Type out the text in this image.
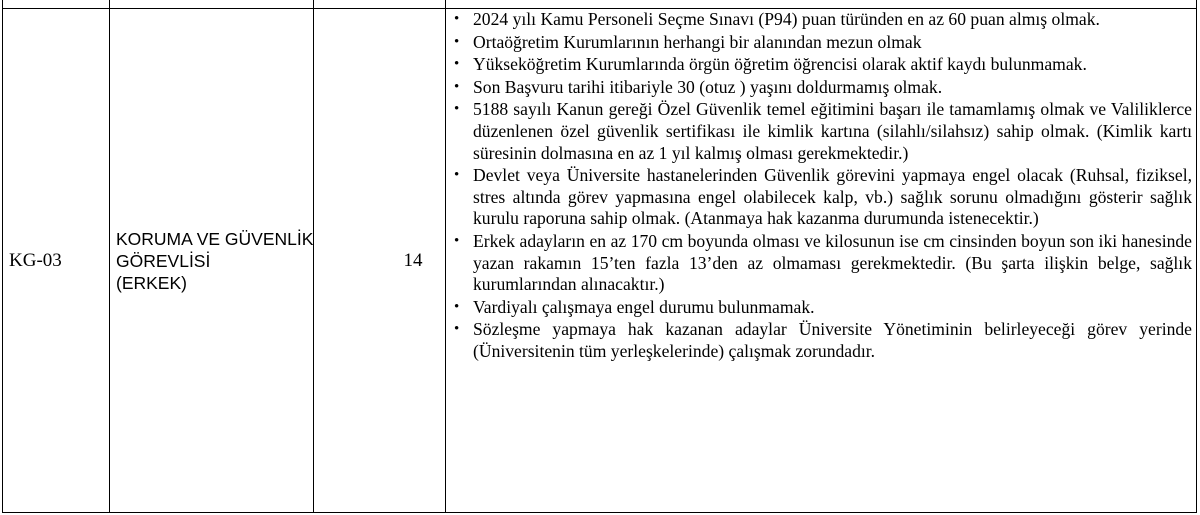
KG-03
KORUMA VE GÜVENLİK
GÖREVLİSİ
(ERKEK)
14
• 2024 yılı Kamu Personeli Seçme Sınavı (P94) puan türünden en az 60 puan almış olmak.
• Ortaöğretim Kurumlarının herhangi bir alanından mezun olmak
• Yükseköğretim Kurumlarında örgün öğretim öğrencisi olarak aktif kaydı bulunmamak.
• Son Başvuru tarihi itibariyle 30 (otuz ) yaşını doldurmamış olmak.
• 5188 sayılı Kanun gereği Özel Güvenlik temel eğitimini başarı ile tamamlamış olmak ve Valiliklerce düzenlenen özel güvenlik sertifikası ile kimlik kartına (silahlı/silahsız) sahip olmak. (Kimlik kartı süresinin dolmasına en az 1 yıl kalmış olması gerekmektedir.)
• Devlet veya Üniversite hastanelerinden Güvenlik görevini yapmaya engel olacak (Ruhsal, fiziksel, stres altında görev yapmasına engel olabilecek kalp, vb.) sağlık sorunu olmadığını gösterir sağlık kurulu raporuna sahip olmak. (Atanmaya hak kazanma durumunda istenecektir.)
• Erkek adayların en az 170 cm boyunda olması ve kilosunun ise cm cinsinden boyun son iki hanesinde yazan rakamın 15’ten fazla 13’den az olmaması gerekmektedir. (Bu şarta ilişkin belge, sağlık kurumlarından alınacaktır.)
• Vardiyalı çalışmaya engel durumu bulunmamak.
• Sözleşme yapmaya hak kazanan adaylar Üniversite Yönetiminin belirleyeceği görev yerinde (Üniversitenin tüm yerleşkelerinde) çalışmak zorundadır.
